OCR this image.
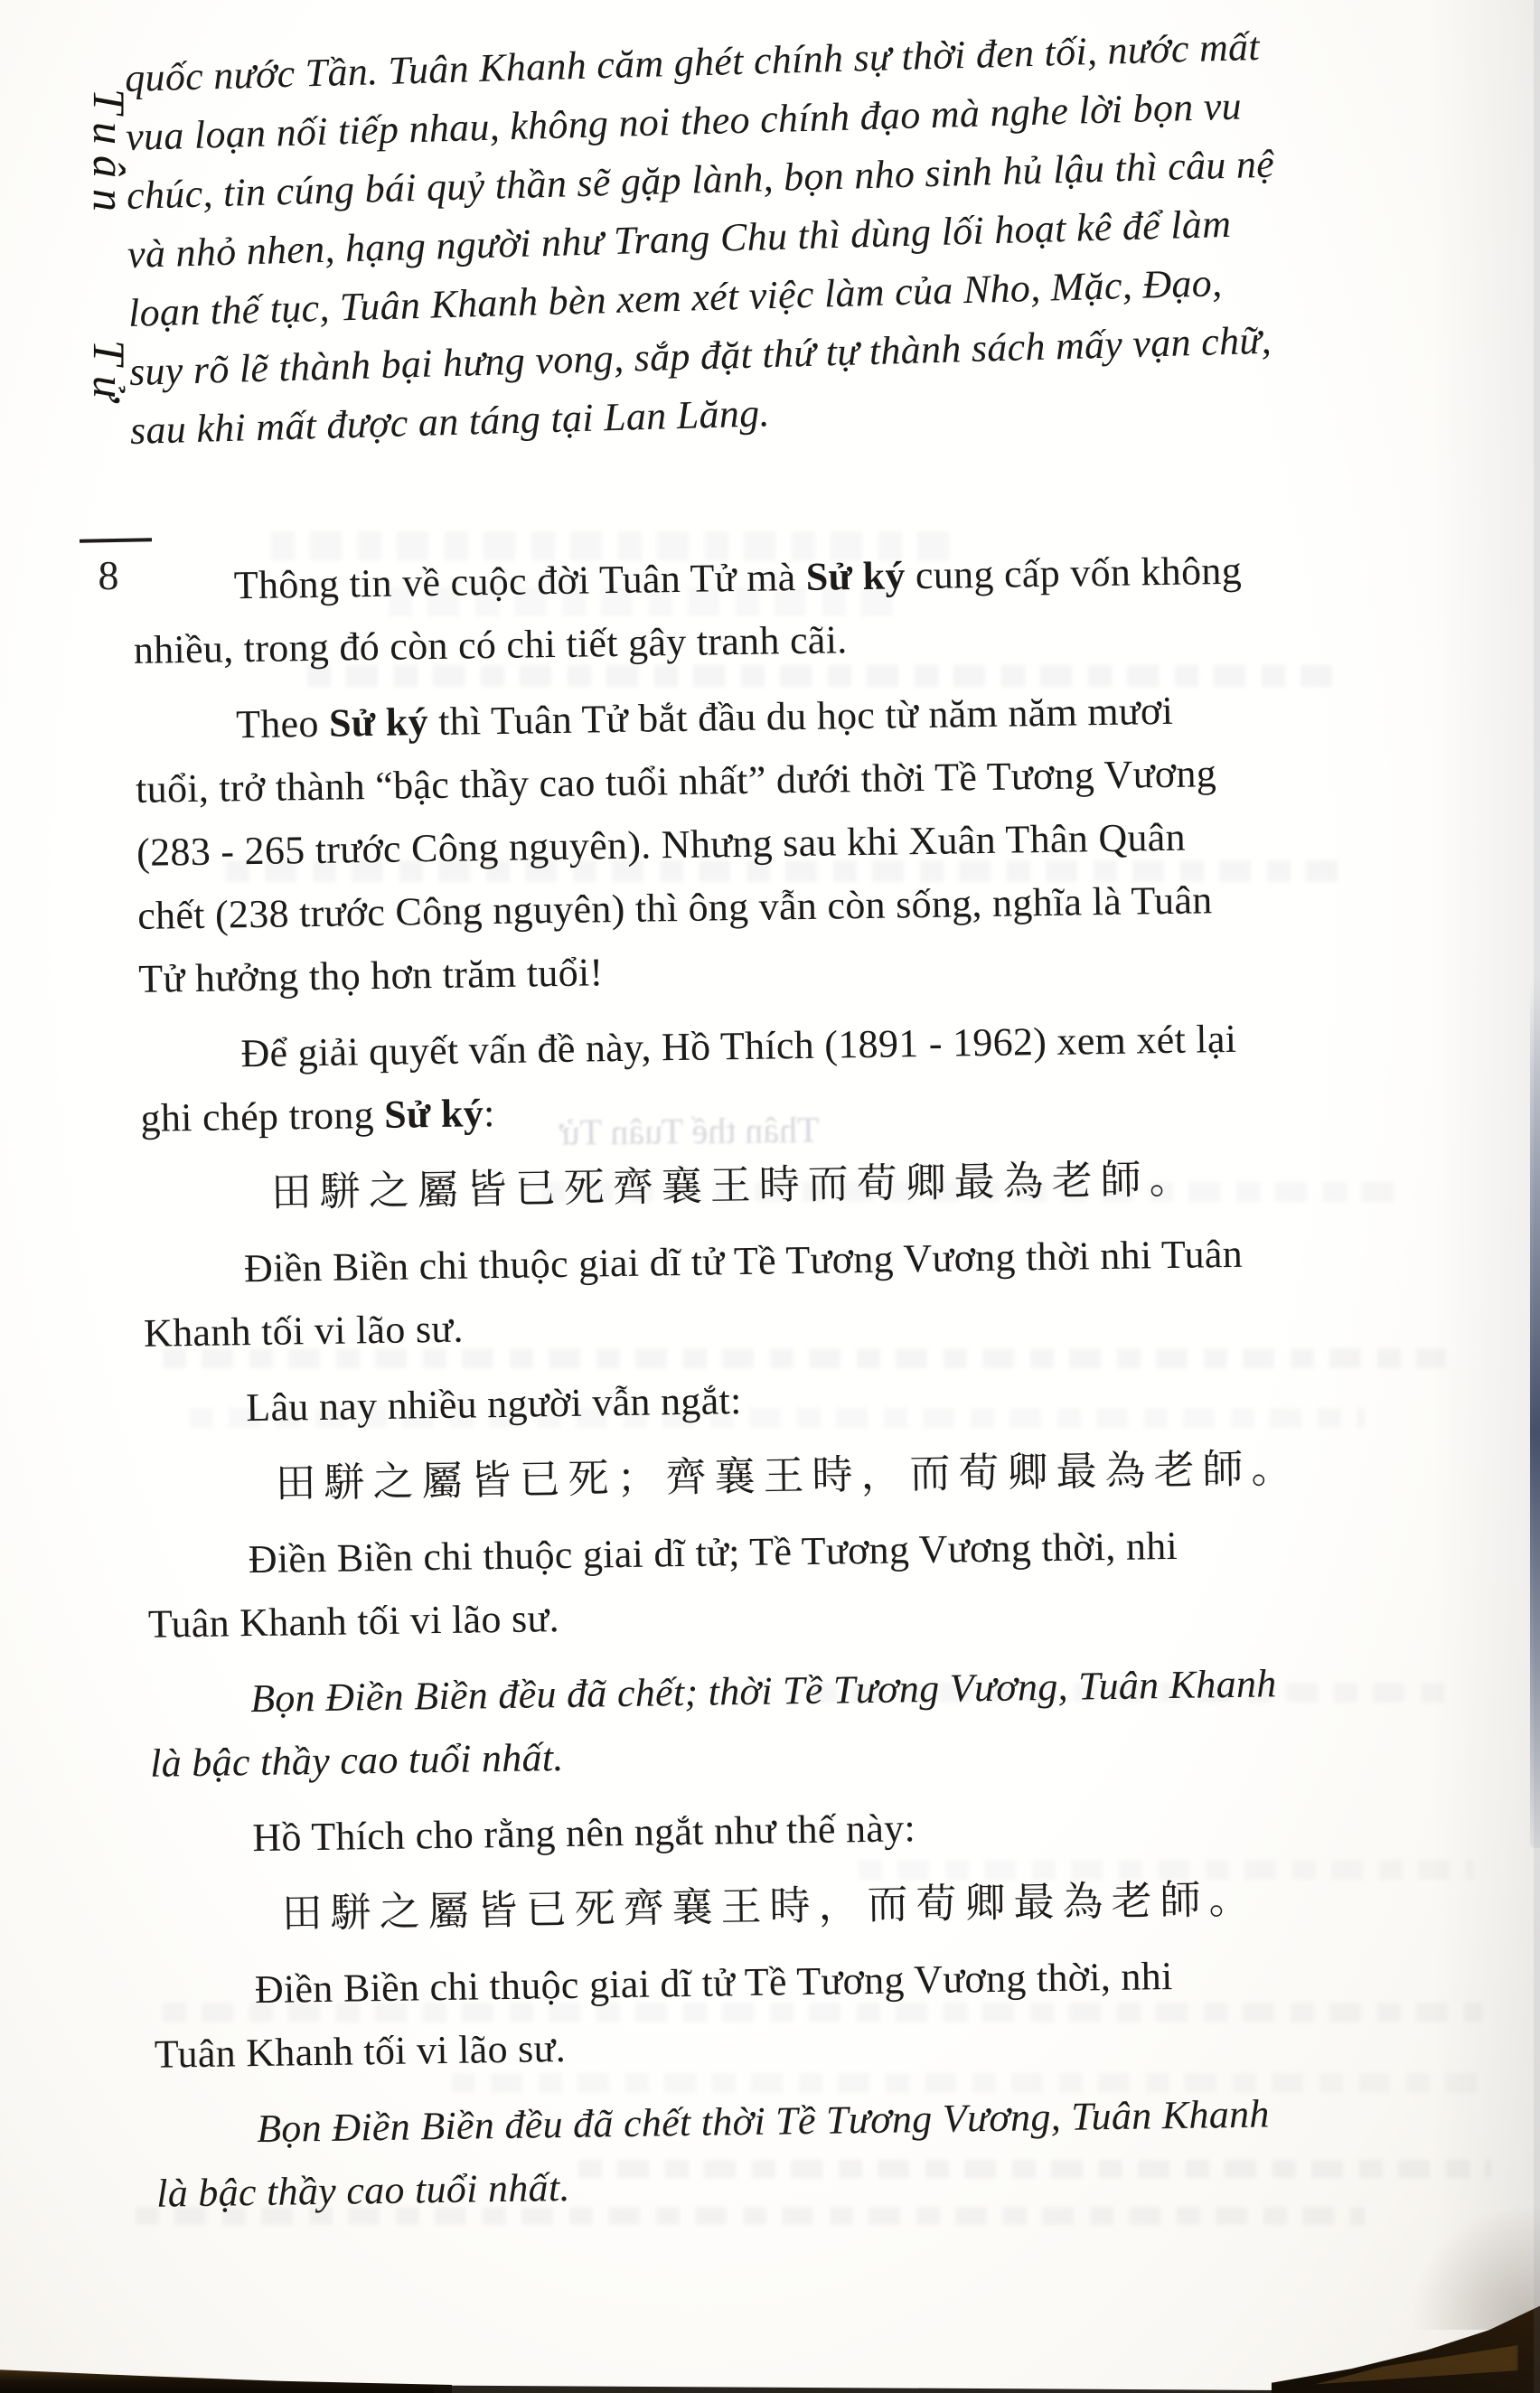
Thân thế Tuân Tử
Tuân
Tử
8
quốc nước Tần. Tuân Khanh căm ghét chính sự thời đen tối, nước mất
vua loạn nối tiếp nhau, không noi theo chính đạo mà nghe lời bọn vu
chúc, tin cúng bái quỷ thần sẽ gặp lành, bọn nho sinh hủ lậu thì câu nệ
và nhỏ nhen, hạng người như Trang Chu thì dùng lối hoạt kê để làm
loạn thế tục, Tuân Khanh bèn xem xét việc làm của Nho, Mặc, Đạo,
suy rõ lẽ thành bại hưng vong, sắp đặt thứ tự thành sách mấy vạn chữ,
sau khi mất được an táng tại Lan Lăng.
Thông tin về cuộc đời Tuân Tử mà Sử ký cung cấp vốn không
nhiều, trong đó còn có chi tiết gây tranh cãi.
Theo Sử ký thì Tuân Tử bắt đầu du học từ năm năm mươi
tuổi, trở thành “bậc thầy cao tuổi nhất” dưới thời Tề Tương Vương
(283 - 265 trước Công nguyên). Nhưng sau khi Xuân Thân Quân
chết (238 trước Công nguyên) thì ông vẫn còn sống, nghĩa là Tuân
Tử hưởng thọ hơn trăm tuổi!
Để giải quyết vấn đề này, Hồ Thích (1891 - 1962) xem xét lại
ghi chép trong Sử ký:
田駢之屬皆已死齊襄王時而荀卿最為老師。
Điền Biền chi thuộc giai dĩ tử Tề Tương Vương thời nhi Tuân
Khanh tối vi lão sư.
Lâu nay nhiều người vẫn ngắt:
田駢之屬皆已死；齊襄王時，而荀卿最為老師。
Điền Biền chi thuộc giai dĩ tử; Tề Tương Vương thời, nhi
Tuân Khanh tối vi lão sư.
Bọn Điền Biền đều đã chết; thời Tề Tương Vương, Tuân Khanh
là bậc thầy cao tuổi nhất.
Hồ Thích cho rằng nên ngắt như thế này:
田駢之屬皆已死齊襄王時，而荀卿最為老師。
Điền Biền chi thuộc giai dĩ tử Tề Tương Vương thời, nhi
Tuân Khanh tối vi lão sư.
Bọn Điền Biền đều đã chết thời Tề Tương Vương, Tuân Khanh
là bậc thầy cao tuổi nhất.
